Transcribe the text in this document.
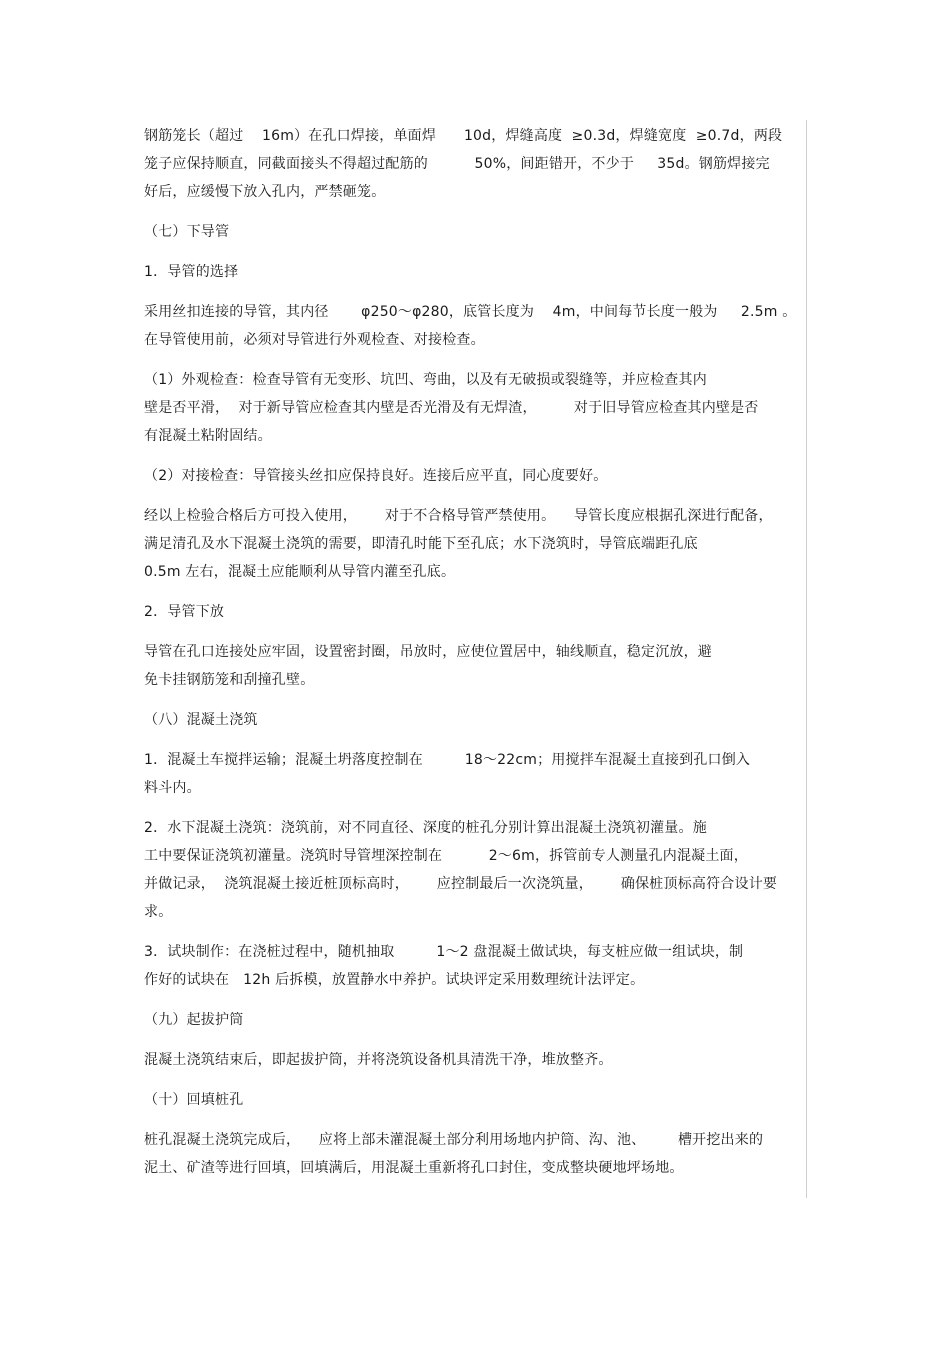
钢筋笼长（超过    16m）在孔口焊接，单面焊      10d，焊缝高度  ≥0.3d，焊缝宽度  ≥0.7d，两段
笼子应保持顺直，同截面接头不得超过配筋的          50%，间距错开，不少于     35d。钢筋焊接完
好后，应缓慢下放入孔内，严禁砸笼。
（七）下导管
1．导管的选择
采用丝扣连接的导管，其内径       φ250～φ280，底管长度为    4m，中间每节长度一般为     2.5m 。
在导管使用前，必须对导管进行外观检查、对接检查。
（1）外观检查：检查导管有无变形、坑凹、弯曲，以及有无破损或裂缝等，并应检查其内
壁是否平滑，  对于新导管应检查其内壁是否光滑及有无焊渣，        对于旧导管应检查其内壁是否
有混凝土粘附固结。
（2）对接检查：导管接头丝扣应保持良好。连接后应平直，同心度要好。
经以上检验合格后方可投入使用，      对于不合格导管严禁使用。    导管长度应根据孔深进行配备，
满足清孔及水下混凝土浇筑的需要，即清孔时能下至孔底；水下浇筑时，导管底端距孔底
0.5m 左右，混凝土应能顺利从导管内灌至孔底。
2．导管下放
导管在孔口连接处应牢固，设置密封圈，吊放时，应使位置居中，轴线顺直，稳定沉放，避
免卡挂钢筋笼和刮撞孔壁。
（八）混凝土浇筑
1．混凝土车搅拌运输；混凝土坍落度控制在         18～22cm；用搅拌车混凝土直接到孔口倒入
料斗内。
2．水下混凝土浇筑：浇筑前，对不同直径、深度的桩孔分别计算出混凝土浇筑初灌量。施
工中要保证浇筑初灌量。浇筑时导管埋深控制在          2～6m，拆管前专人测量孔内混凝土面，
并做记录，  浇筑混凝土接近桩顶标高时，      应控制最后一次浇筑量，      确保桩顶标高符合设计要
求。
3．试块制作：在浇桩过程中，随机抽取         1～2 盘混凝土做试块，每支桩应做一组试块，制
作好的试块在   12h 后拆模，放置静水中养护。试块评定采用数理统计法评定。
（九）起拔护筒
混凝土浇筑结束后，即起拔护筒，并将浇筑设备机具清洗干净，堆放整齐。
（十）回填桩孔
桩孔混凝土浇筑完成后，    应将上部未灌混凝土部分利用场地内护筒、沟、池、       槽开挖出来的
泥土、矿渣等进行回填，回填满后，用混凝土重新将孔口封住，变成整块硬地坪场地。
